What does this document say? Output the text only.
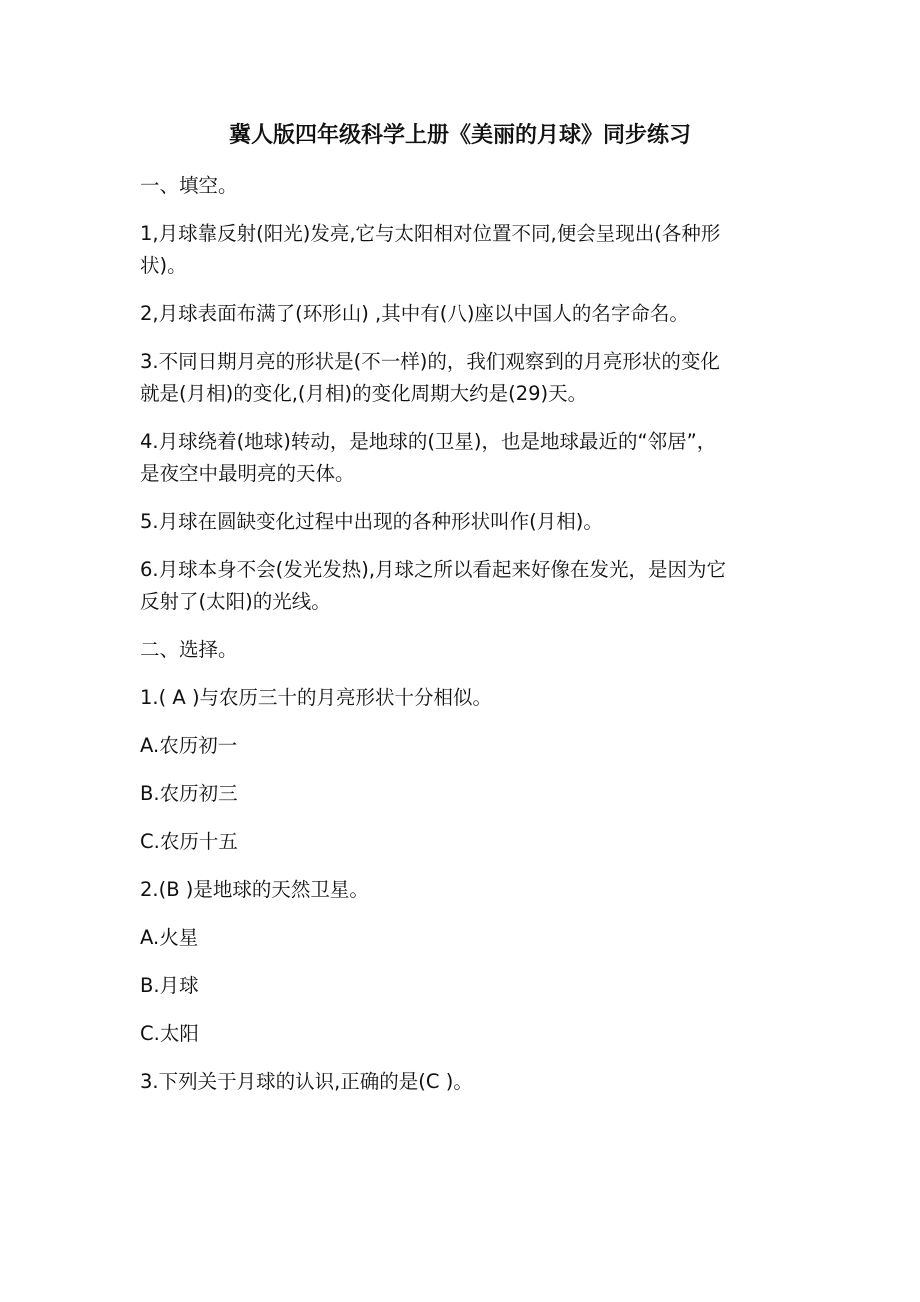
冀人版四年级科学上册《美丽的月球》同步练习

一、填空。

1,月球靠反射(阳光)发亮,它与太阳相对位置不同,便会呈现出(各种形

状)。

2,月球表面布满了(环形山) ,其中有(八)座以中国人的名字命名。

3.不同日期月亮的形状是(不一样)的，我们观察到的月亮形状的变化

就是(月相)的变化,(月相)的变化周期大约是(29)天。

4.月球绕着(地球)转动，是地球的(卫星)，也是地球最近的“邻居”，

是夜空中最明亮的天体。

5.月球在圆缺变化过程中出现的各种形状叫作(月相)。

6.月球本身不会(发光发热),月球之所以看起来好像在发光，是因为它

反射了(太阳)的光线。

二、选择。

1.( A )与农历三十的月亮形状十分相似。

A.农历初一

B.农历初三

C.农历十五

2.(B )是地球的天然卫星。

A.火星

B.月球

C.太阳

3.下列关于月球的认识,正确的是(C )。
